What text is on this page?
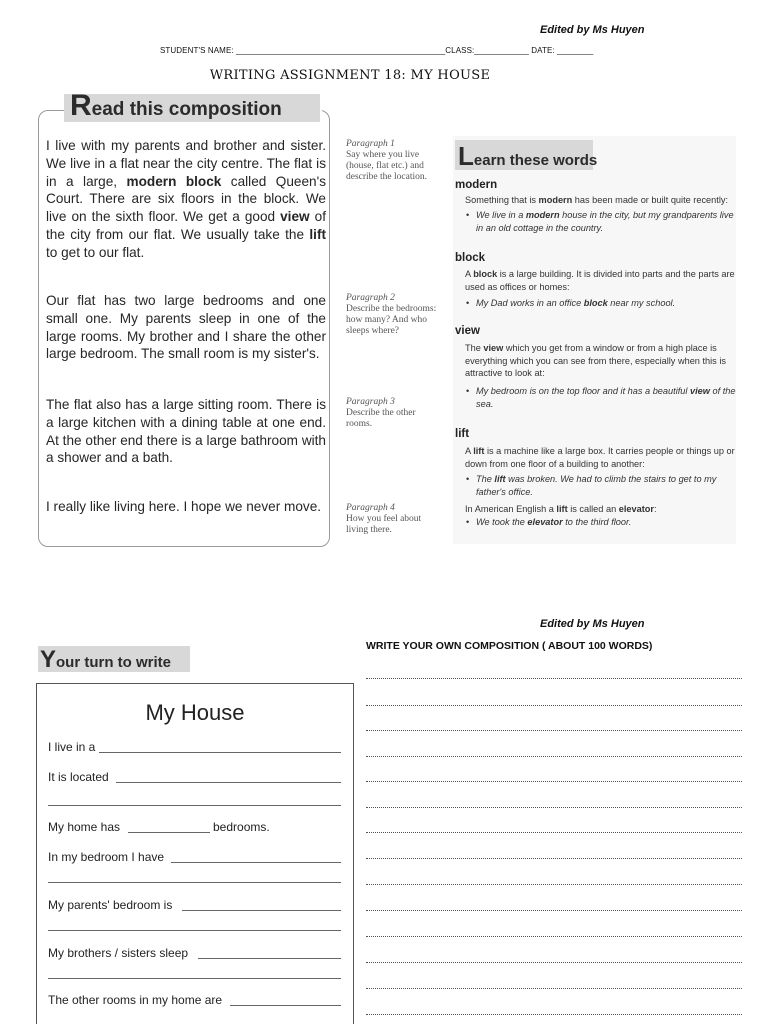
Edited by Ms Huyen
STUDENT'S NAME: ______________________________________________CLASS:____________ DATE: ________
WRITING ASSIGNMENT 18: MY HOUSE
Read this composition
I live with my parents and brother and sister. We live in a flat near the city centre. The flat is in a large, modern block called Queen's Court. There are six floors in the block. We live on the sixth floor. We get a good view of the city from our flat. We usually take the lift to get to our flat.
Our flat has two large bedrooms and one small one. My parents sleep in one of the large rooms. My brother and I share the other large bedroom. The small room is my sister's.
The flat also has a large sitting room. There is a large kitchen with a dining table at one end. At the other end there is a large bathroom with a shower and a bath.
I really like living here. I hope we never move.
Paragraph 1
Say where you live (house, flat etc.) and describe the location.
Paragraph 2
Describe the bedrooms: how many? And who sleeps where?
Paragraph 3
Describe the other rooms.
Paragraph 4
How you feel about living there.
Learn these words
modern
Something that is modern has been made or built quite recently:
• We live in a modern house in the city, but my grandparents live in an old cottage in the country.
block
A block is a large building. It is divided into parts and the parts are used as offices or homes:
• My Dad works in an office block near my school.
view
The view which you get from a window or from a high place is everything which you can see from there, especially when this is attractive to look at:
• My bedroom is on the top floor and it has a beautiful view of the sea.
lift
A lift is a machine like a large box. It carries people or things up or down from one floor of a building to another:
• The lift was broken. We had to climb the stairs to get to my father's office.
In American English a lift is called an elevator:
• We took the elevator to the third floor.
Edited by Ms Huyen
WRITE YOUR OWN COMPOSITION ( ABOUT 100 WORDS)
Your turn to write
My House
I live in a
It is located
My home has	bedrooms.
In my bedroom I have
My parents' bedroom is
My brothers / sisters sleep
The other rooms in my home are
